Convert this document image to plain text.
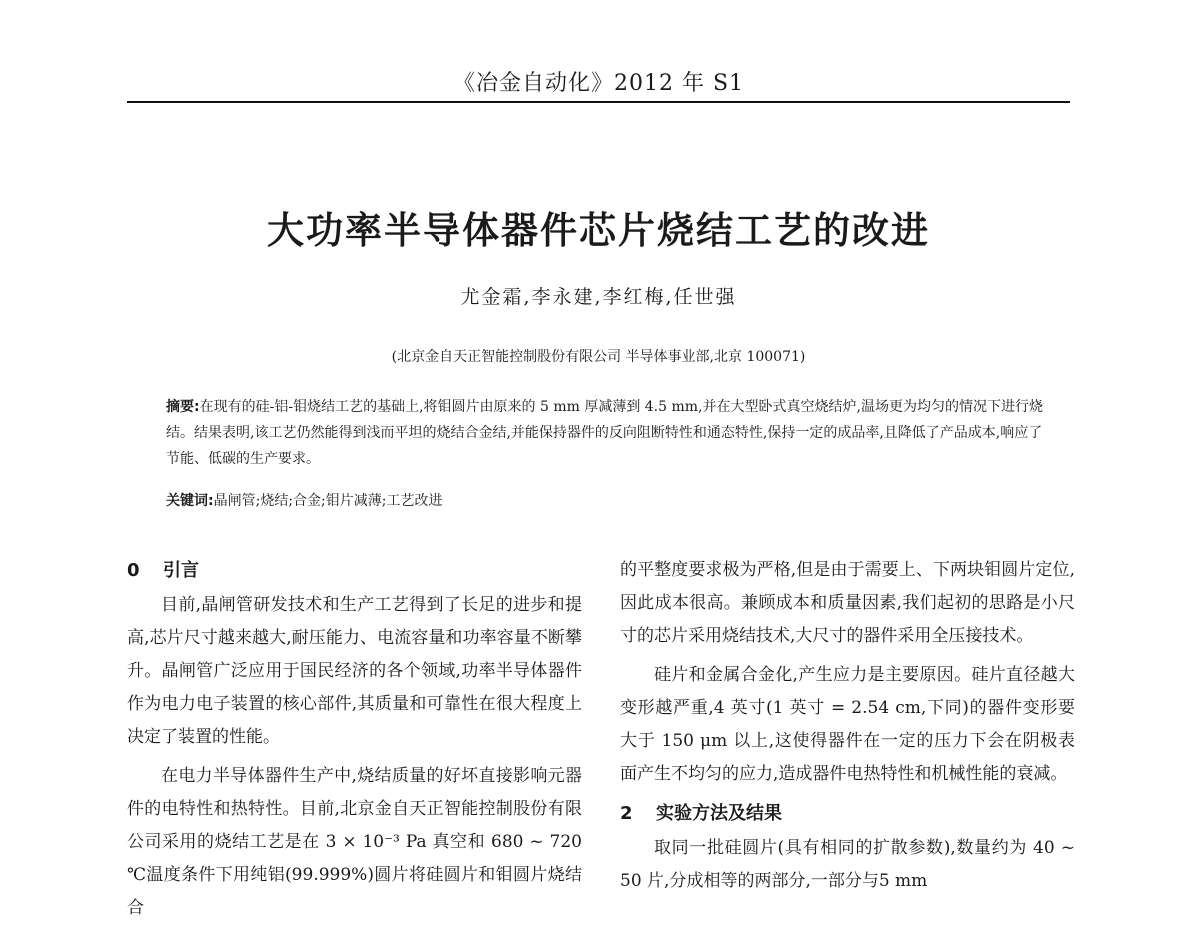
《冶金自动化》2012 年 S1
大功率半导体器件芯片烧结工艺的改进
尤金霜,李永建,李红梅,任世强
(北京金自天正智能控制股份有限公司 半导体事业部,北京 100071)
摘要:在现有的硅-铝-钼烧结工艺的基础上,将钼圆片由原来的 5 mm 厚减薄到 4.5 mm,并在大型卧式真空烧结炉,温场更为均匀的情况下进行烧结。结果表明,该工艺仍然能得到浅而平坦的烧结合金结,并能保持器件的反向阻断特性和通态特性,保持一定的成品率,且降低了产品成本,响应了节能、低碳的生产要求。
关键词:晶闸管;烧结;合金;钼片减薄;工艺改进
0 引言

目前,晶闸管研发技术和生产工艺得到了长足的进步和提高,芯片尺寸越来越大,耐压能力、电流容量和功率容量不断攀升。晶闸管广泛应用于国民经济的各个领域,功率半导体器件作为电力电子装置的核心部件,其质量和可靠性在很大程度上决定了装置的性能。

在电力半导体器件生产中,烧结质量的好坏直接影响元器件的电特性和热特性。目前,北京金自天正智能控制股份有限公司采用的烧结工艺是在 3 × 10⁻³ Pa 真空和 680 ~ 720 ℃温度条件下用纯铝(99.999%)圆片将硅圆片和钼圆片烧结合

的平整度要求极为严格,但是由于需要上、下两块钼圆片定位,因此成本很高。兼顾成本和质量因素,我们起初的思路是小尺寸的芯片采用烧结技术,大尺寸的器件采用全压接技术。

硅片和金属合金化,产生应力是主要原因。硅片直径越大变形越严重,4 英寸(1 英寸 = 2.54 cm,下同)的器件变形要大于 150 μm 以上,这使得器件在一定的压力下会在阴极表面产生不均匀的应力,造成器件电热特性和机械性能的衰减。

2 实验方法及结果

取同一批硅圆片(具有相同的扩散参数),数量约为 40 ~ 50 片,分成相等的两部分,一部分与5 mm
